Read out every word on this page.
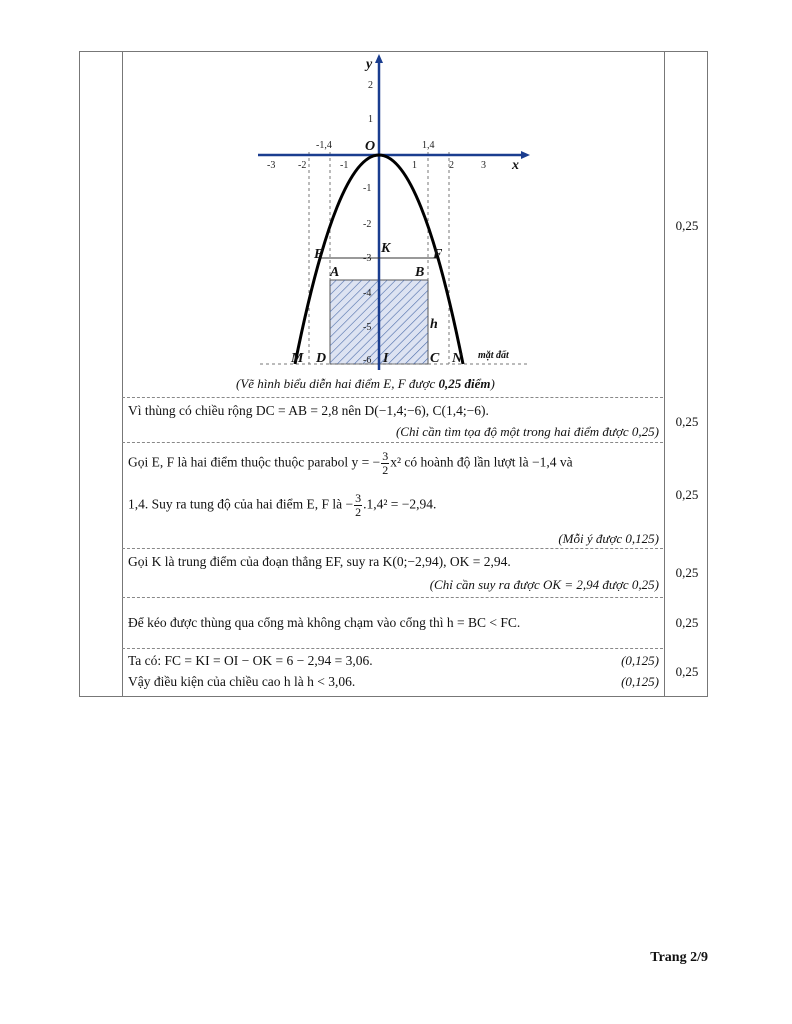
-3 -2	-1	1	2	3
2
1
-1
-2
-3
-4
-5
-6
-1,4	1,4
x
y
O
E	F
K
A	B
M D	I	C N
h
mặt đất
(Vẽ hình biểu diễn hai điểm E, F được 0,25 điểm)
0,25
Vì thùng có chiều rộng DC = AB = 2,8 nên D(−1,4;−6), C(1,4;−6).
(Chỉ cần tìm tọa độ một trong hai điểm được 0,25)
0,25
Gọi E, F là hai điểm thuộc thuộc parabol y = − $\frac{3}{2} x^2$ có hoành độ lần lượt là −1,4 và
1,4. Suy ra tung độ của hai điểm E, F là − $\frac{3}{2} .1,4^2 = -2,94$.
(Mỗi ý được 0,125)
0,25
Gọi K là trung điểm của đoạn thẳng EF, suy ra K(0;−2,94), OK = 2,94.
(Chỉ cần suy ra được OK = 2,94 được 0,25)
0,25
Để kéo được thùng qua cổng mà không chạm vào cổng thì h = BC < FC.	0,25
Ta có: FC = KI = OI − OK = 6 − 2,94 = 3,06.	(0,125)
Vậy điều kiện của chiều cao h là h < 3,06.	(0,125)
0,25
Trang 2/9
